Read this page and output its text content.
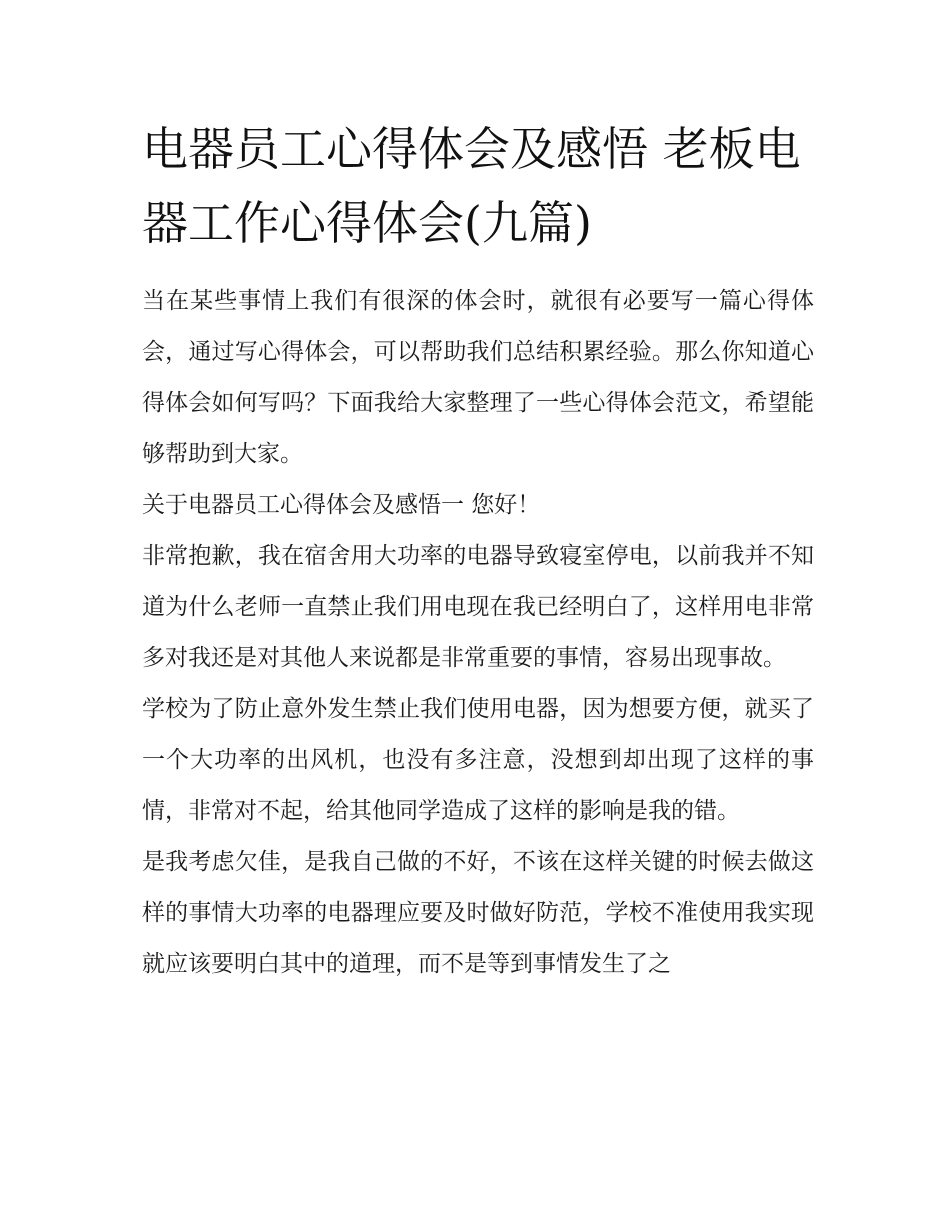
电器员工心得体会及感悟 老板电器工作心得体会(九篇)

当在某些事情上我们有很深的体会时，就很有必要写一篇心得体会，通过写心得体会，可以帮助我们总结积累经验。那么你知道心得体会如何写吗？下面我给大家整理了一些心得体会范文，希望能够帮助到大家。

关于电器员工心得体会及感悟一 您好！

非常抱歉，我在宿舍用大功率的电器导致寝室停电，以前我并不知道为什么老师一直禁止我们用电现在我已经明白了，这样用电非常多对我还是对其他人来说都是非常重要的事情，容易出现事故。

学校为了防止意外发生禁止我们使用电器，因为想要方便，就买了一个大功率的出风机，也没有多注意，没想到却出现了这样的事情，非常对不起，给其他同学造成了这样的影响是我的错。

是我考虑欠佳，是我自己做的不好，不该在这样关键的时候去做这样的事情大功率的电器理应要及时做好防范，学校不准使用我实现就应该要明白其中的道理，而不是等到事情发生了之
